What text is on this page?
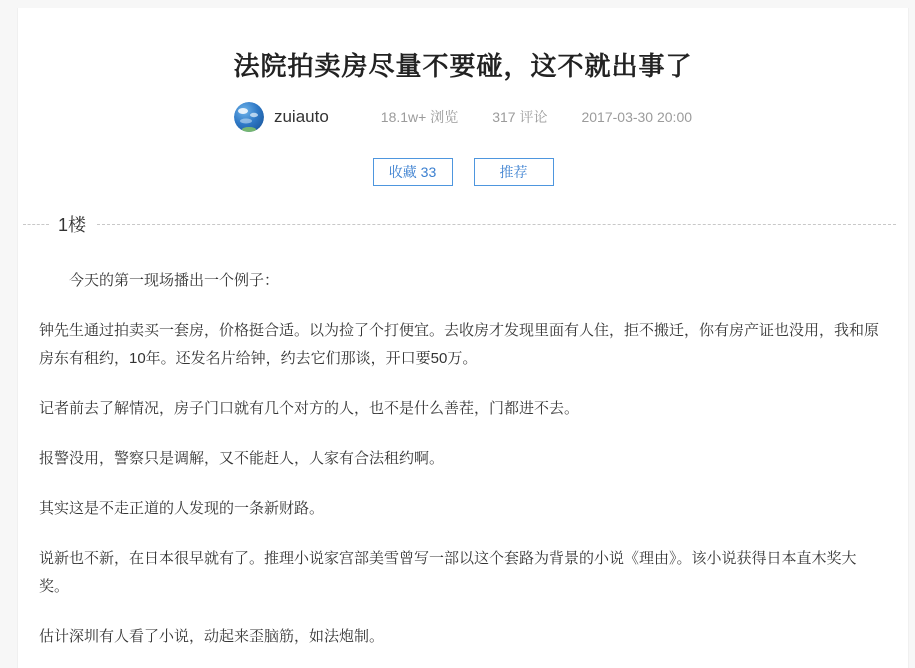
法院拍卖房尽量不要碰，这不就出事了
zuiauto	18.1w+ 浏览 317 评论 2017-03-30 20:00
收藏 33	推荐
1楼

今天的第一现场播出一个例子：

钟先生通过拍卖买一套房，价格挺合适。以为捡了个打便宜。去收房才发现里面有人住，拒不搬迁，你有房产证也没用，我和原房东有租约，10年。还发名片给钟，约去它们那谈，开口要50万。

记者前去了解情况，房子门口就有几个对方的人，也不是什么善茬，门都进不去。

报警没用，警察只是调解，又不能赶人，人家有合法租约啊。

其实这是不走正道的人发现的一条新财路。

说新也不新，在日本很早就有了。推理小说家宫部美雪曾写一部以这个套路为背景的小说《理由》。该小说获得日本直木奖大奖。

估计深圳有人看了小说，动起来歪脑筋，如法炮制。
